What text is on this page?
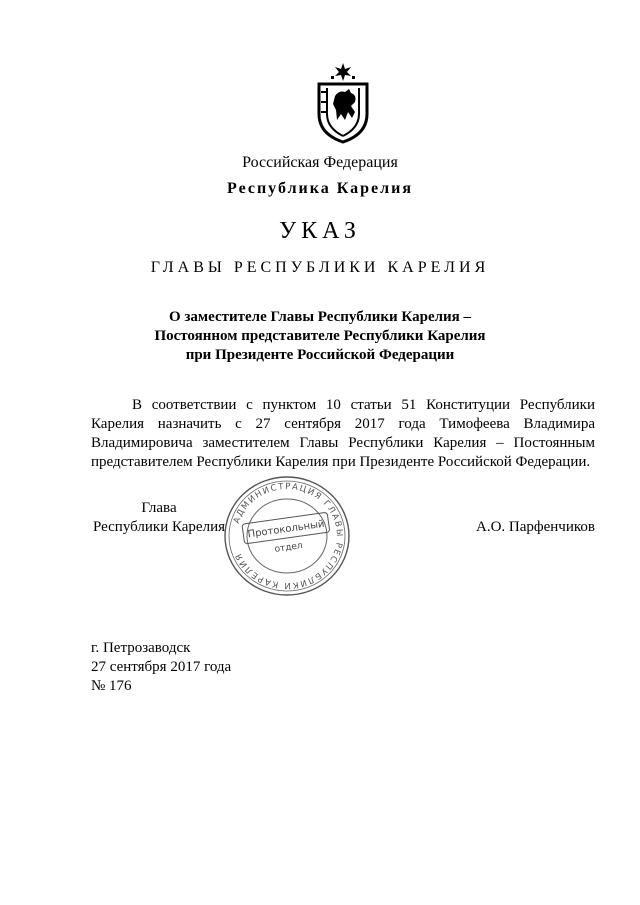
Российская Федерация
Республика Карелия
УКАЗ
ГЛАВЫ РЕСПУБЛИКИ КАРЕЛИЯ
О заместителе Главы Республики Карелия –
Постоянном представителе Республики Карелия
при Президенте Российской Федерации
В соответствии с пунктом 10 статьи 51 Конституции Республики Карелия назначить с 27 сентября 2017 года Тимофеева Владимира Владимировича заместителем Главы Республики Карелия – Постоянным представителем Республики Карелия при Президенте Российской Федерации.
Глава
Республики Карелия АДМИНИСТРАЦИЯ ГЛАВЫ РЕСПУБЛИКИ КАРЕЛИЯ
Протокольный
отдел
А.О. Парфенчиков
г. Петрозаводск
27 сентября 2017 года
№ 176
